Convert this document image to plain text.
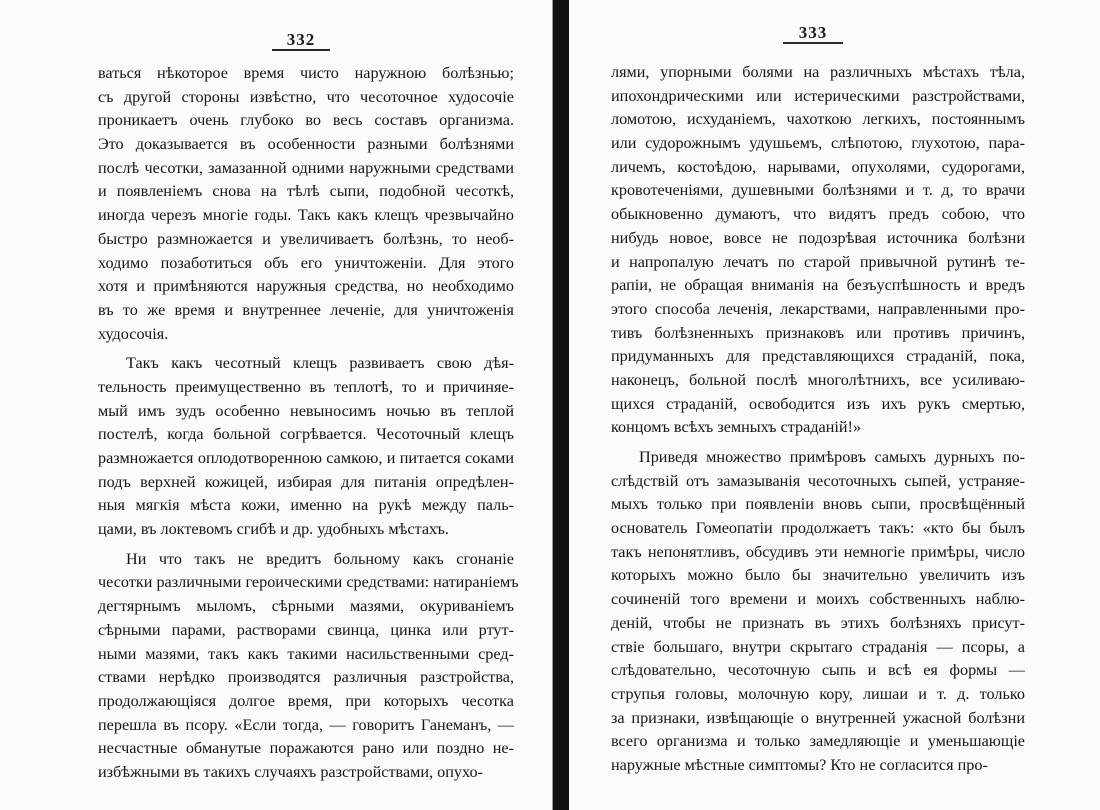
332
ваться нѣкоторое время чисто наружною болѣзнью;
съ другой стороны извѣстно, что чесоточное худосочіе
проникаетъ очень глубоко во весь составъ организма.
Это доказывается въ особенности разными болѣзнями
послѣ чесотки, замазанной одними наружными средствами
и появленіемъ снова на тѣлѣ сыпи, подобной чесоткѣ,
иногда черезъ многіе годы. Такъ какъ клещъ чрезвычайно
быстро размножается и увеличиваетъ болѣзнь, то необ-
ходимо позаботиться объ его уничтоженіи. Для этого
хотя и примѣняются наружныя средства, но необходимо
въ то же время и внутреннее леченіе, для уничтоженія
худосочія.
Такъ какъ чесотный клещъ развиваетъ свою дѣя-
тельность преимущественно въ теплотѣ, то и причиняе-
мый имъ зудъ особенно невыносимъ ночью въ теплой
постелѣ, когда больной согрѣвается. Чесоточный клещъ
размножается оплодотворенною самкою, и питается соками
подъ верхней кожицей, избирая для питанія опредѣлен-
ныя мягкія мѣста кожи, именно на рукѣ между паль-
цами, въ локтевомъ сгибѣ и др. удобныхъ мѣстахъ.
Ни что такъ не вредитъ больному какъ сгонаніе
чесотки различными героическими средствами: натираніемъ
дегтярнымъ мыломъ, сѣрными мазями, окуриваніемъ
сѣрными парами, растворами свинца, цинка или ртут-
ными мазями, такъ какъ такими насильственными сред-
ствами нерѣдко производятся различныя разстройства,
продолжающіяся долгое время, при которыхъ чесотка
перешла въ псору. «Если тогда, — говоритъ Ганеманъ, —
несчастные обманутые поражаются рано или поздно не-
избѣжными въ такихъ случаяхъ разстройствами, опухо-
333
лями, упорными болями на различныхъ мѣстахъ тѣла,
ипохондрическими или истерическими разстройствами,
ломотою, исхуданіемъ, чахоткою легкихъ, постояннымъ
или судорожнымъ удушьемъ, слѣпотою, глухотою, пара-
личемъ, костоѣдою, нарывами, опухолями, судорогами,
кровотеченіями, душевными болѣзнями и т. д, то врачи
обыкновенно думаютъ, что видятъ предъ собою, что
нибудь новое, вовсе не подозрѣвая источника болѣзни
и напропалую лечатъ по старой привычной рутинѣ те-
рапіи, не обращая вниманія на безъуспѣшность и вредъ
этого способа леченія, лекарствами, направленными про-
тивъ болѣзненныхъ признаковъ или противъ причинъ,
придуманныхъ для представляющихся страданій, пока,
наконецъ, больной послѣ многолѣтнихъ, все усиливаю-
щихся страданій, освободится изъ ихъ рукъ смертью,
концомъ всѣхъ земныхъ страданій!»
Приведя множество примѣровъ самыхъ дурныхъ по-
слѣдствій отъ замазыванія чесоточныхъ сыпей, устраняе-
мыхъ только при появленіи вновь сыпи, просвѣщённый
основатель Гомеопатіи продолжаетъ такъ: «кто бы былъ
такъ непонятливъ, обсудивъ эти немногіе примѣры, число
которыхъ можно было бы значительно увеличить изъ
сочиненій того времени и моихъ собственныхъ наблю-
деній, чтобы не признать въ этихъ болѣзняхъ присут-
ствіе большаго, внутри скрытаго страданія — псоры, а
слѣдовательно, чесоточную сыпь и всѣ ея формы —
струпья головы, молочную кору, лишаи и т. д. только
за признаки, извѣщающіе о внутренней ужасной болѣзни
всего организма и только замедляющіе и уменьшающіе
наружные мѣстные симптомы? Кто не согласится про-
